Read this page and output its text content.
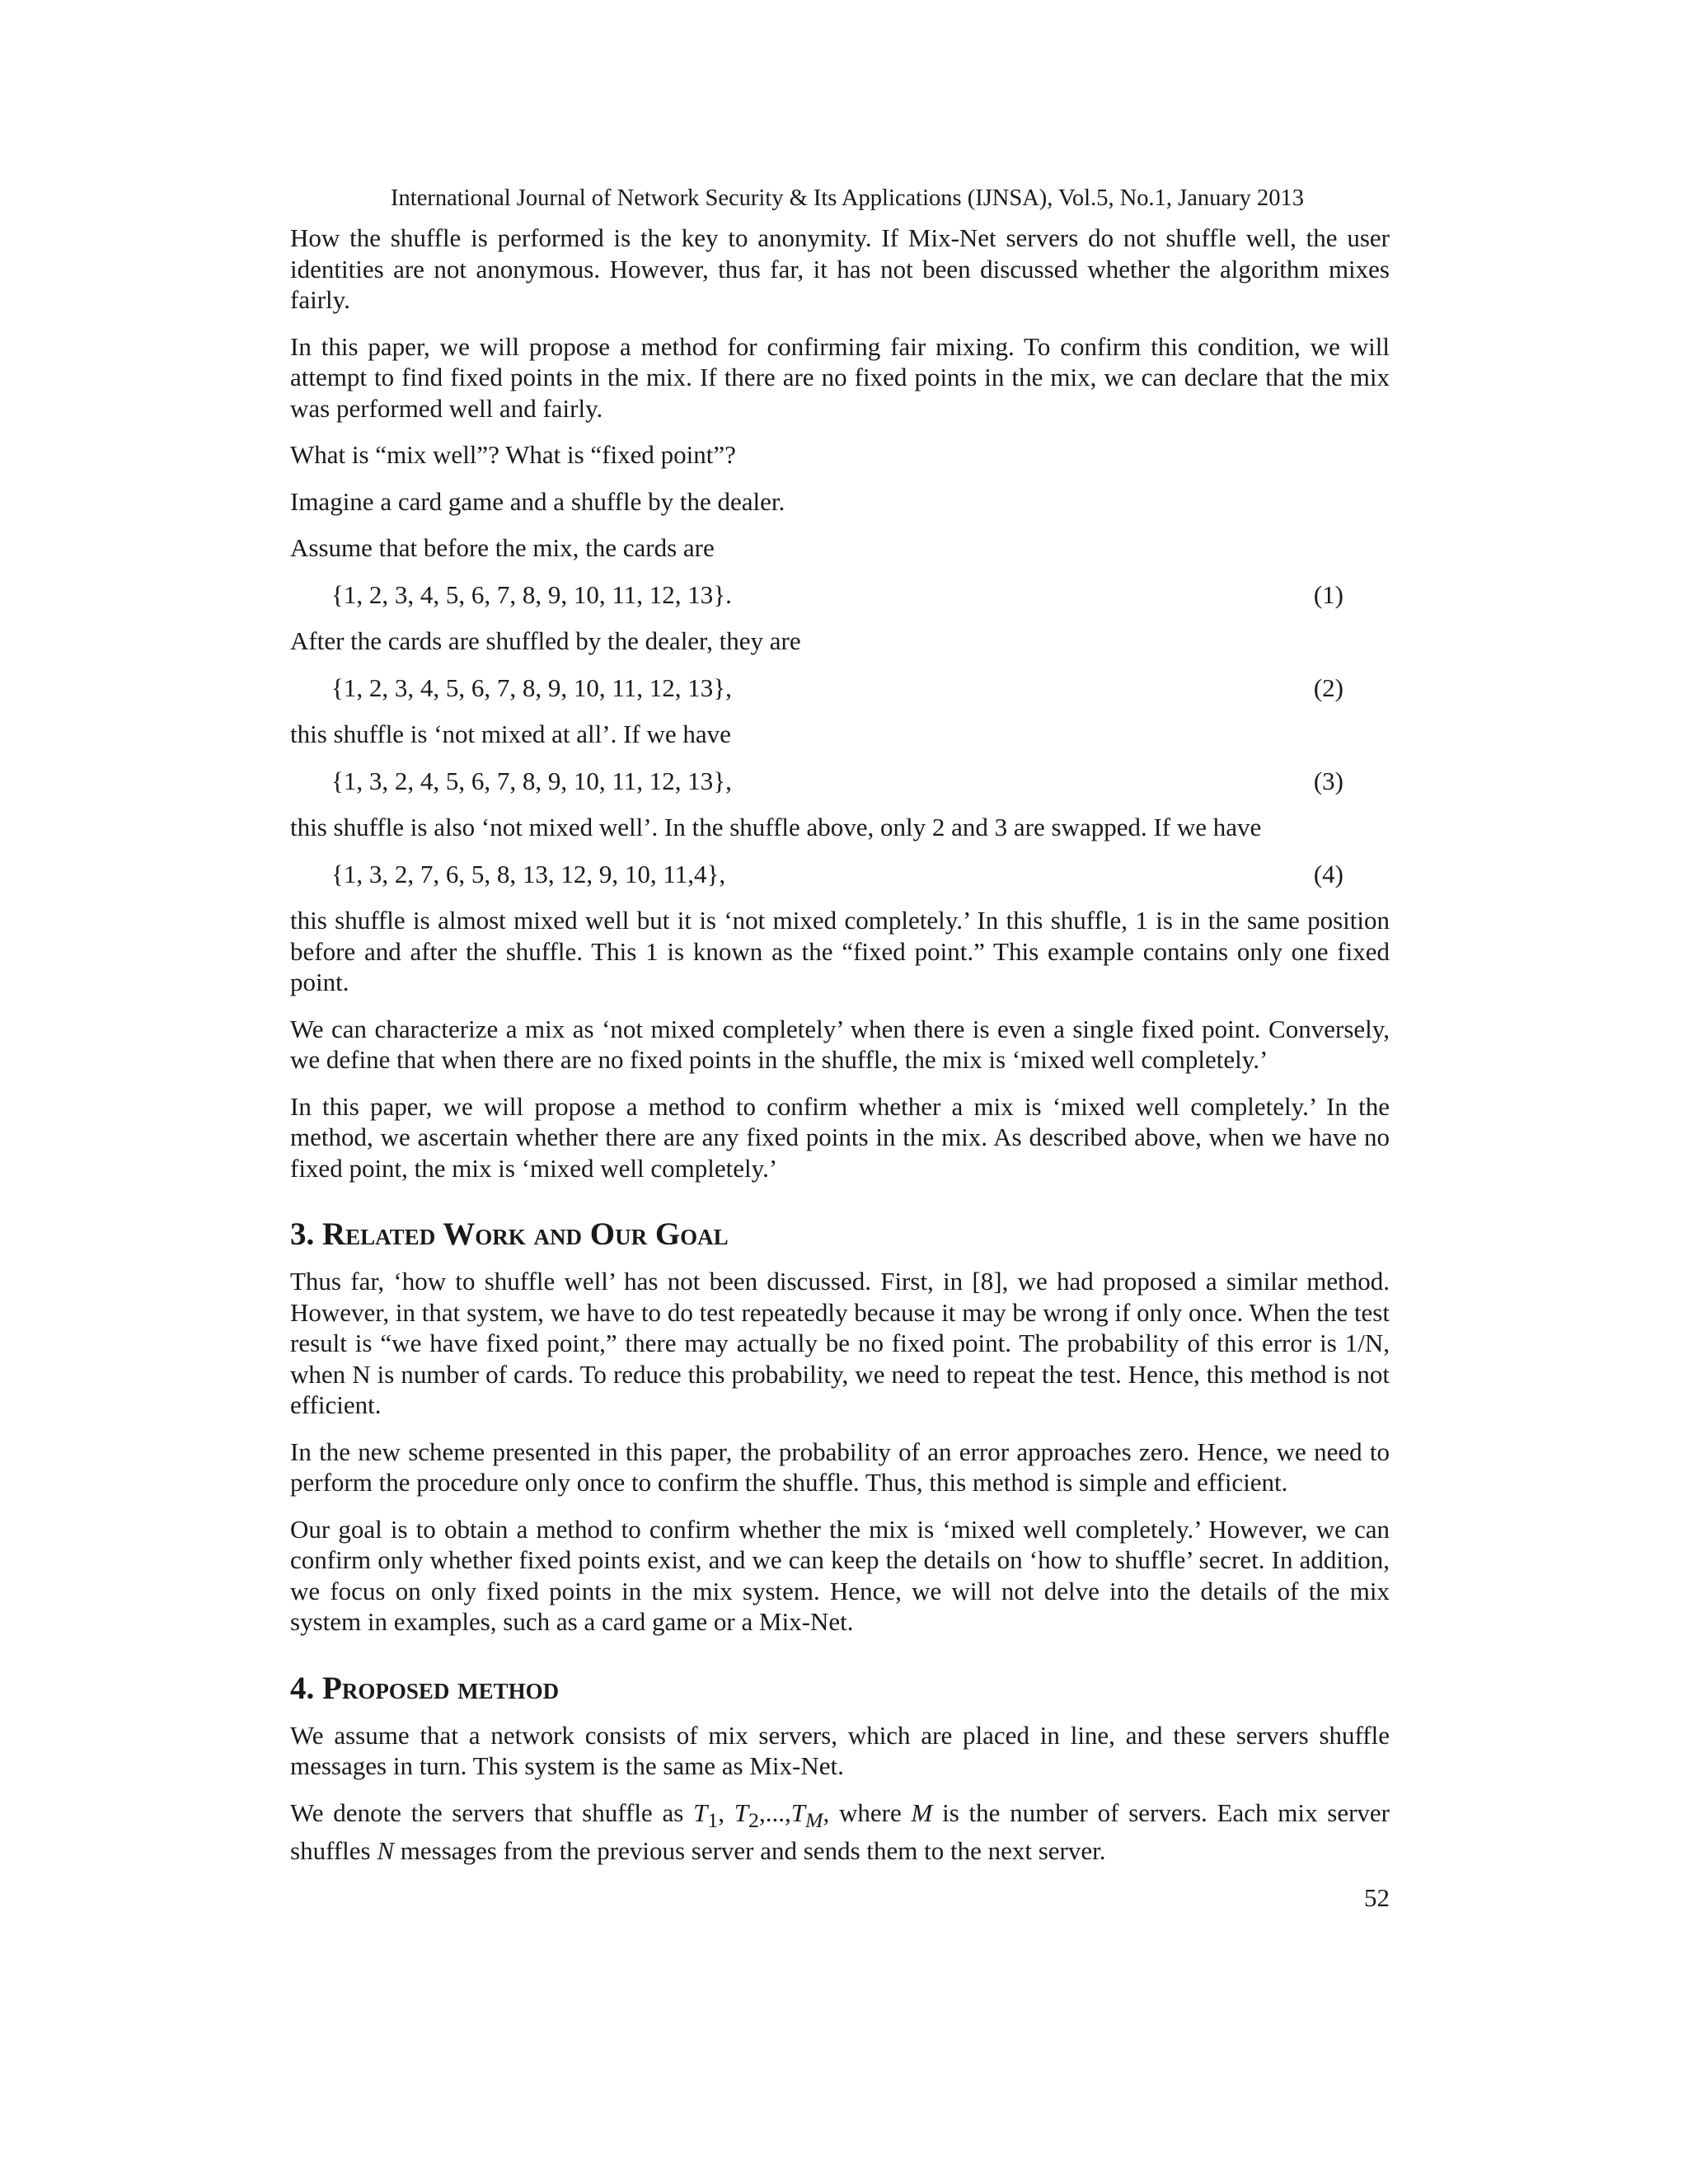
International Journal of Network Security & Its Applications (IJNSA), Vol.5, No.1, January 2013

How the shuffle is performed is the key to anonymity. If Mix-Net servers do not shuffle well, the user identities are not anonymous. However, thus far, it has not been discussed whether the algorithm mixes fairly.

In this paper, we will propose a method for confirming fair mixing. To confirm this condition, we will attempt to find fixed points in the mix. If there are no fixed points in the mix, we can declare that the mix was performed well and fairly.

What is “mix well”? What is “fixed point”?

Imagine a card game and a shuffle by the dealer.

Assume that before the mix, the cards are

{1, 2, 3, 4, 5, 6, 7, 8, 9, 10, 11, 12, 13}.	(1)

After the cards are shuffled by the dealer, they are

{1, 2, 3, 4, 5, 6, 7, 8, 9, 10, 11, 12, 13},	(2)

this shuffle is ‘not mixed at all’. If we have

{1, 3, 2, 4, 5, 6, 7, 8, 9, 10, 11, 12, 13},	(3)

this shuffle is also ‘not mixed well’. In the shuffle above, only 2 and 3 are swapped. If we have

{1, 3, 2, 7, 6, 5, 8, 13, 12, 9, 10, 11,4},	(4)

this shuffle is almost mixed well but it is ‘not mixed completely.’ In this shuffle, 1 is in the same position before and after the shuffle. This 1 is known as the “fixed point.” This example contains only one fixed point.

We can characterize a mix as ‘not mixed completely’ when there is even a single fixed point. Conversely, we define that when there are no fixed points in the shuffle, the mix is ‘mixed well completely.’

In this paper, we will propose a method to confirm whether a mix is ‘mixed well completely.’ In the method, we ascertain whether there are any fixed points in the mix. As described above, when we have no fixed point, the mix is ‘mixed well completely.’

3. Related Work and Our Goal

Thus far, ‘how to shuffle well’ has not been discussed. First, in [8], we had proposed a similar method. However, in that system, we have to do test repeatedly because it may be wrong if only once. When the test result is “we have fixed point,” there may actually be no fixed point. The probability of this error is 1/N, when N is number of cards. To reduce this probability, we need to repeat the test. Hence, this method is not efficient.

In the new scheme presented in this paper, the probability of an error approaches zero. Hence, we need to perform the procedure only once to confirm the shuffle. Thus, this method is simple and efficient.

Our goal is to obtain a method to confirm whether the mix is ‘mixed well completely.’ However, we can confirm only whether fixed points exist, and we can keep the details on ‘how to shuffle’ secret. In addition, we focus on only fixed points in the mix system. Hence, we will not delve into the details of the mix system in examples, such as a card game or a Mix-Net.

4. Proposed method

We assume that a network consists of mix servers, which are placed in line, and these servers shuffle messages in turn. This system is the same as Mix-Net.

We denote the servers that shuffle as $T_1$, $T_2,...,T_M$, where M is the number of servers. Each mix server shuffles N messages from the previous server and sends them to the next server.

52
